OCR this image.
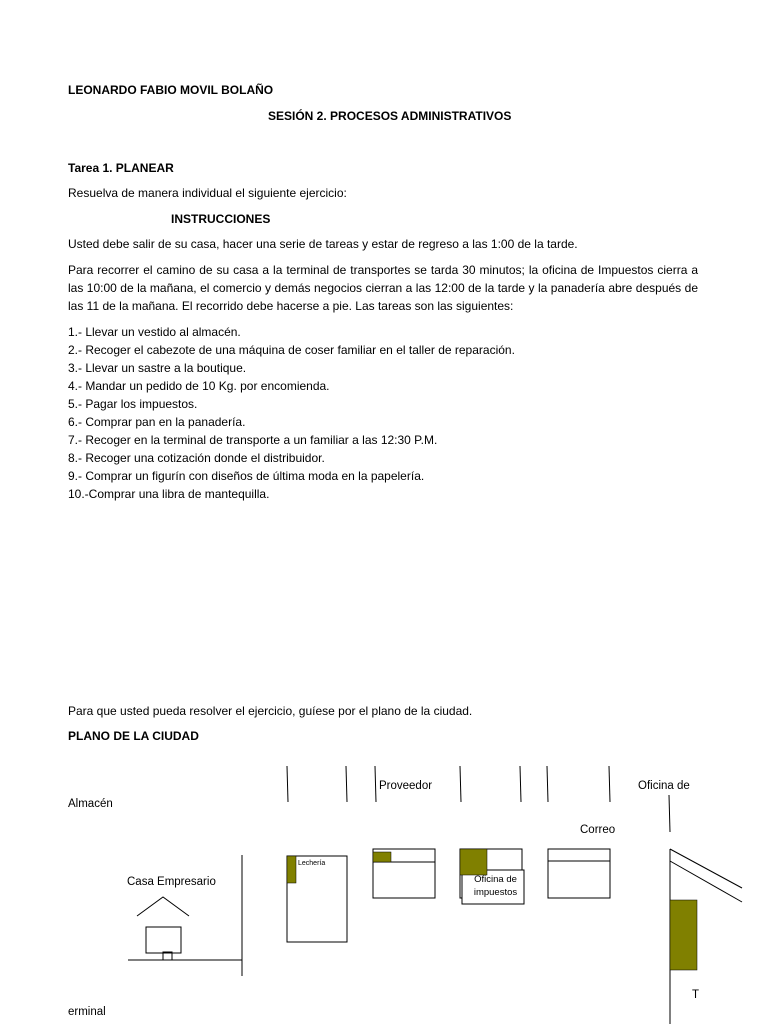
LEONARDO FABIO MOVIL BOLAÑO
SESIÓN 2. PROCESOS ADMINISTRATIVOS
Tarea 1. PLANEAR
Resuelva de manera individual el siguiente ejercicio:
INSTRUCCIONES
Usted debe salir de su casa, hacer una serie de tareas y estar de regreso a las 1:00 de la tarde.
Para recorrer el camino de su casa a la terminal de transportes se tarda 30 minutos; la oficina de Impuestos cierra a las 10:00 de la mañana, el comercio y demás negocios cierran a las 12:00 de la tarde y la panadería abre después de las 11 de la mañana. El recorrido debe hacerse a pie. Las tareas son las siguientes:
1.- Llevar un vestido al almacén.
2.- Recoger el cabezote de una máquina de coser familiar en el taller de reparación.
3.- Llevar un sastre a la boutique.
4.- Mandar un pedido de 10 Kg. por encomienda.
5.- Pagar los impuestos.
6.- Comprar pan en la panadería.
7.- Recoger en la terminal de transporte a un familiar a las 12:30 P.M.
8.- Recoger una cotización donde el distribuidor.
9.- Comprar un figurín con diseños de última moda en la papelería.
10.-Comprar una libra de mantequilla.
Para que usted pueda resolver el ejercicio, guíese por el plano de la ciudad.
PLANO DE LA CIUDAD
Proveedor	Oficina de
Almacén
Correo
Casa Empresario
Lechería
Oficina de impuestos
T
erminal
